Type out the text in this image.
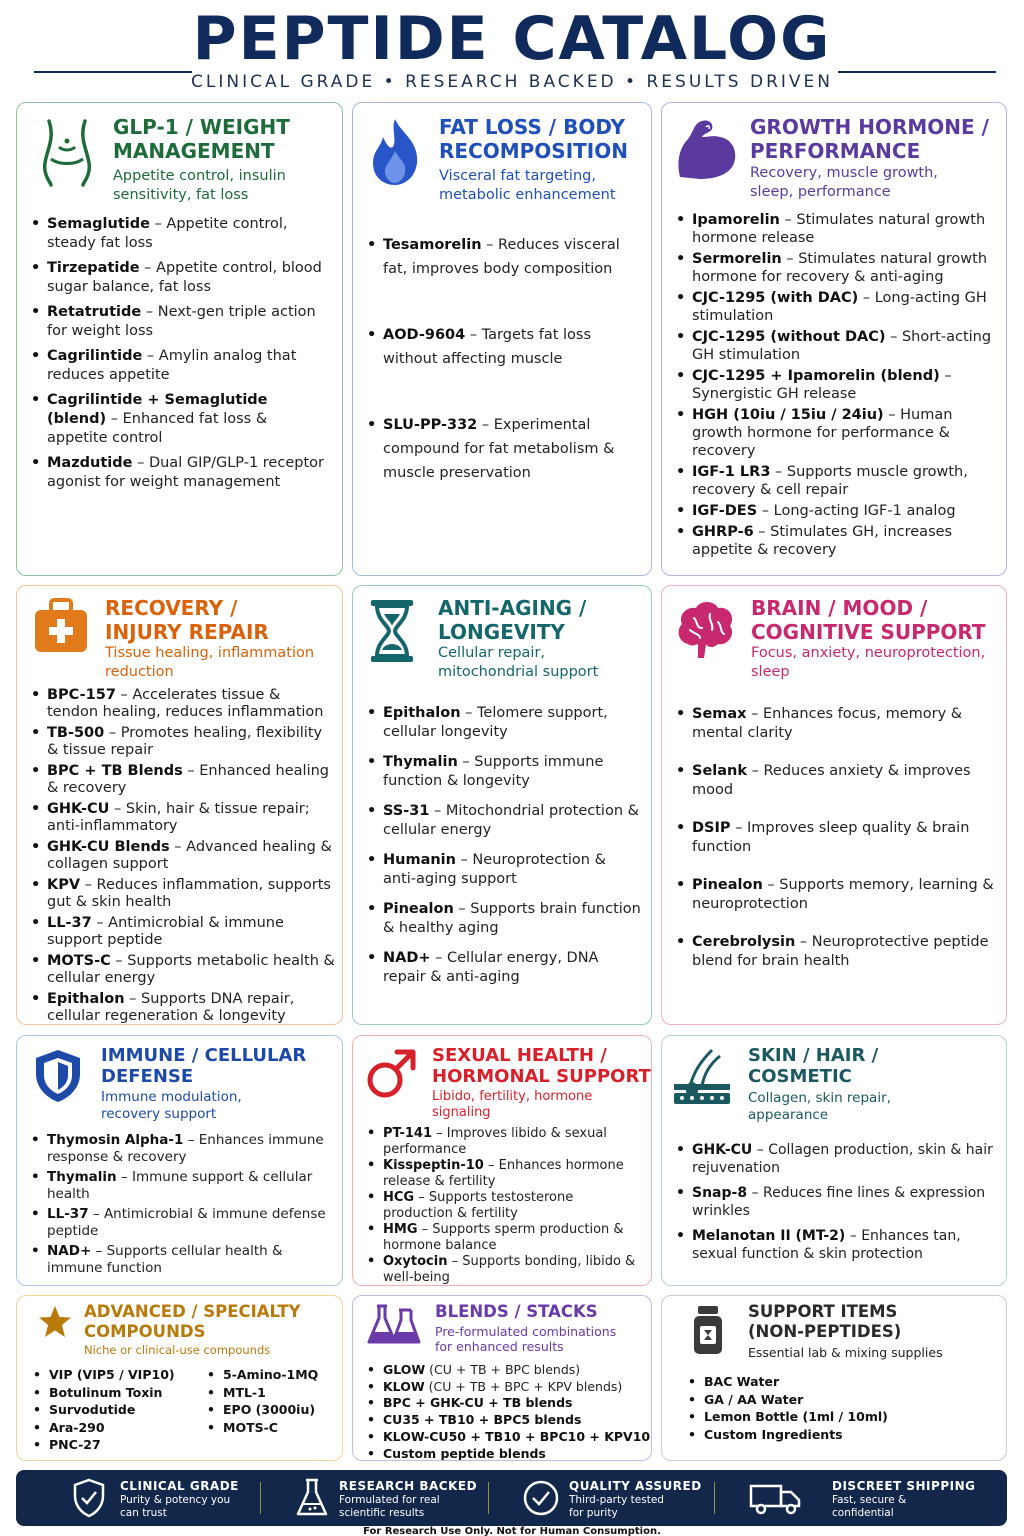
PEPTIDE CATALOG
CLINICAL GRADE • RESEARCH BACKED • RESULTS DRIVEN
GLP-1 / WEIGHT
MANAGEMENT
Appetite control, insulin sensitivity, fat loss
• Semaglutide – Appetite control, steady fat loss
• Tirzepatide – Appetite control, blood sugar balance, fat loss
• Retatrutide – Next-gen triple action for weight loss
• Cagrilintide – Amylin analog that reduces appetite
• Cagrilintide + Semaglutide (blend) – Enhanced fat loss & appetite control
• Mazdutide – Dual GIP/GLP-1 receptor agonist for weight management
FAT LOSS / BODY
RECOMPOSITION
Visceral fat targeting, metabolic enhancement
• Tesamorelin – Reduces visceral fat, improves body composition
• AOD-9604 – Targets fat loss without affecting muscle
• SLU-PP-332 – Experimental compound for fat metabolism & muscle preservation
GROWTH HORMONE /
PERFORMANCE
Recovery, muscle growth, sleep, performance
• Ipamorelin – Stimulates natural growth hormone release
• Sermorelin – Stimulates natural growth hormone for recovery & anti-aging
• CJC-1295 (with DAC) – Long-acting GH stimulation
• CJC-1295 (without DAC) – Short-acting GH stimulation
• CJC-1295 + Ipamorelin (blend) – Synergistic GH release
• HGH (10iu / 15iu / 24iu) – Human growth hormone for performance & recovery
• IGF-1 LR3 – Supports muscle growth, recovery & cell repair
• IGF-DES – Long-acting IGF-1 analog
• GHRP-6 – Stimulates GH, increases appetite & recovery
RECOVERY /
INJURY REPAIR
Tissue healing, inflammation reduction
• BPC-157 – Accelerates tissue & tendon healing, reduces inflammation
• TB-500 – Promotes healing, flexibility & tissue repair
• BPC + TB Blends – Enhanced healing & recovery
• GHK-CU – Skin, hair & tissue repair; anti-inflammatory
• GHK-CU Blends – Advanced healing & collagen support
• KPV – Reduces inflammation, supports gut & skin health
• LL-37 – Antimicrobial & immune support peptide
• MOTS-C – Supports metabolic health & cellular energy
• Epithalon – Supports DNA repair, cellular regeneration & longevity
ANTI-AGING /
LONGEVITY
Cellular repair, mitochondrial support
• Epithalon – Telomere support, cellular longevity
• Thymalin – Supports immune function & longevity
• SS-31 – Mitochondrial protection & cellular energy
• Humanin – Neuroprotection & anti-aging support
• Pinealon – Supports brain function & healthy aging
• NAD+ – Cellular energy, DNA repair & anti-aging
BRAIN / MOOD /
COGNITIVE SUPPORT
Focus, anxiety, neuroprotection, sleep
• Semax – Enhances focus, memory & mental clarity
• Selank – Reduces anxiety & improves mood
• DSIP – Improves sleep quality & brain function
• Pinealon – Supports memory, learning & neuroprotection
• Cerebrolysin – Neuroprotective peptide blend for brain health
IMMUNE / CELLULAR
DEFENSE
Immune modulation, recovery support
• Thymosin Alpha-1 – Enhances immune response & recovery
• Thymalin – Immune support & cellular health
• LL-37 – Antimicrobial & immune defense peptide
• NAD+ – Supports cellular health & immune function
SEXUAL HEALTH /
HORMONAL SUPPORT
Libido, fertility, hormone signaling
• PT-141 – Improves libido & sexual performance
• Kisspeptin-10 – Enhances hormone release & fertility
• HCG – Supports testosterone production & fertility
• HMG – Supports sperm production & hormone balance
• Oxytocin – Supports bonding, libido & well-being
SKIN / HAIR /
COSMETIC
Collagen, skin repair, appearance
• GHK-CU – Collagen production, skin & hair rejuvenation
• Snap-8 – Reduces fine lines & expression wrinkles
• Melanotan II (MT-2) – Enhances tan, sexual function & skin protection
ADVANCED / SPECIALTY
COMPOUNDS
Niche or clinical-use compounds
• VIP (VIP5 / VIP10)
• Botulinum Toxin
• Survodutide
• Ara-290
• PNC-27
• 5-Amino-1MQ
• MTL-1
• EPO (3000iu)
• MOTS-C
BLENDS / STACKS
Pre-formulated combinations for enhanced results
• GLOW (CU + TB + BPC blends)
• KLOW (CU + TB + BPC + KPV blends)
• BPC + GHK-CU + TB blends
• CU35 + TB10 + BPC5 blends
• KLOW-CU50 + TB10 + BPC10 + KPV10
• Custom peptide blends
SUPPORT ITEMS
(NON-PEPTIDES)
Essential lab & mixing supplies
• BAC Water
• GA / AA Water
• Lemon Bottle (1ml / 10ml)
• Custom Ingredients
CLINICAL GRADE
Purity & potency you can trust
RESEARCH BACKED
Formulated for real scientific results
QUALITY ASSURED
Third-party tested for purity
DISCREET SHIPPING
Fast, secure & confidential
For Research Use Only. Not for Human Consumption.
